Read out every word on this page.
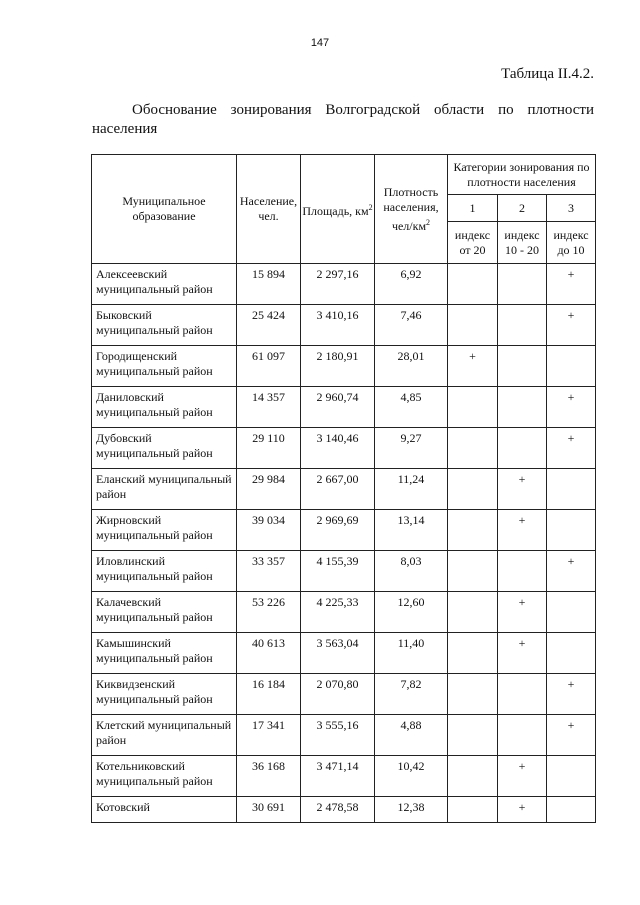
147
Таблица II.4.2.
Обоснование зонирования Волгоградской области по плотности
населения
Муниципальное образование	Население, чел.	Площадь, $км^2$	Плотность населения, чел/$км^2$	Категории зонирования по плотности населения		
				1	2	3
				индекс от 20	индекс 10 - 20	индекс до 10
Алексеевский муниципальный район	15 894	2 297,16	6,92			+
Быковский муниципальный район	25 424	3 410,16	7,46			+
Городищенский муниципальный район	61 097	2 180,91	28,01	+		
Даниловский муниципальный район	14 357	2 960,74	4,85			+
Дубовский муниципальный район	29 110	3 140,46	9,27			+
Еланский муниципальный район	29 984	2 667,00	11,24		+	
Жирновский муниципальный район	39 034	2 969,69	13,14		+	
Иловлинский муниципальный район	33 357	4 155,39	8,03			+
Калачевский муниципальный район	53 226	4 225,33	12,60		+	
Камышинский муниципальный район	40 613	3 563,04	11,40		+	
Киквидзенский муниципальный район	16 184	2 070,80	7,82			+
Клетский муниципальный район	17 341	3 555,16	4,88			+
Котельниковский муниципальный район	36 168	3 471,14	10,42		+	
Котовский	30 691	2 478,58	12,38		+	
